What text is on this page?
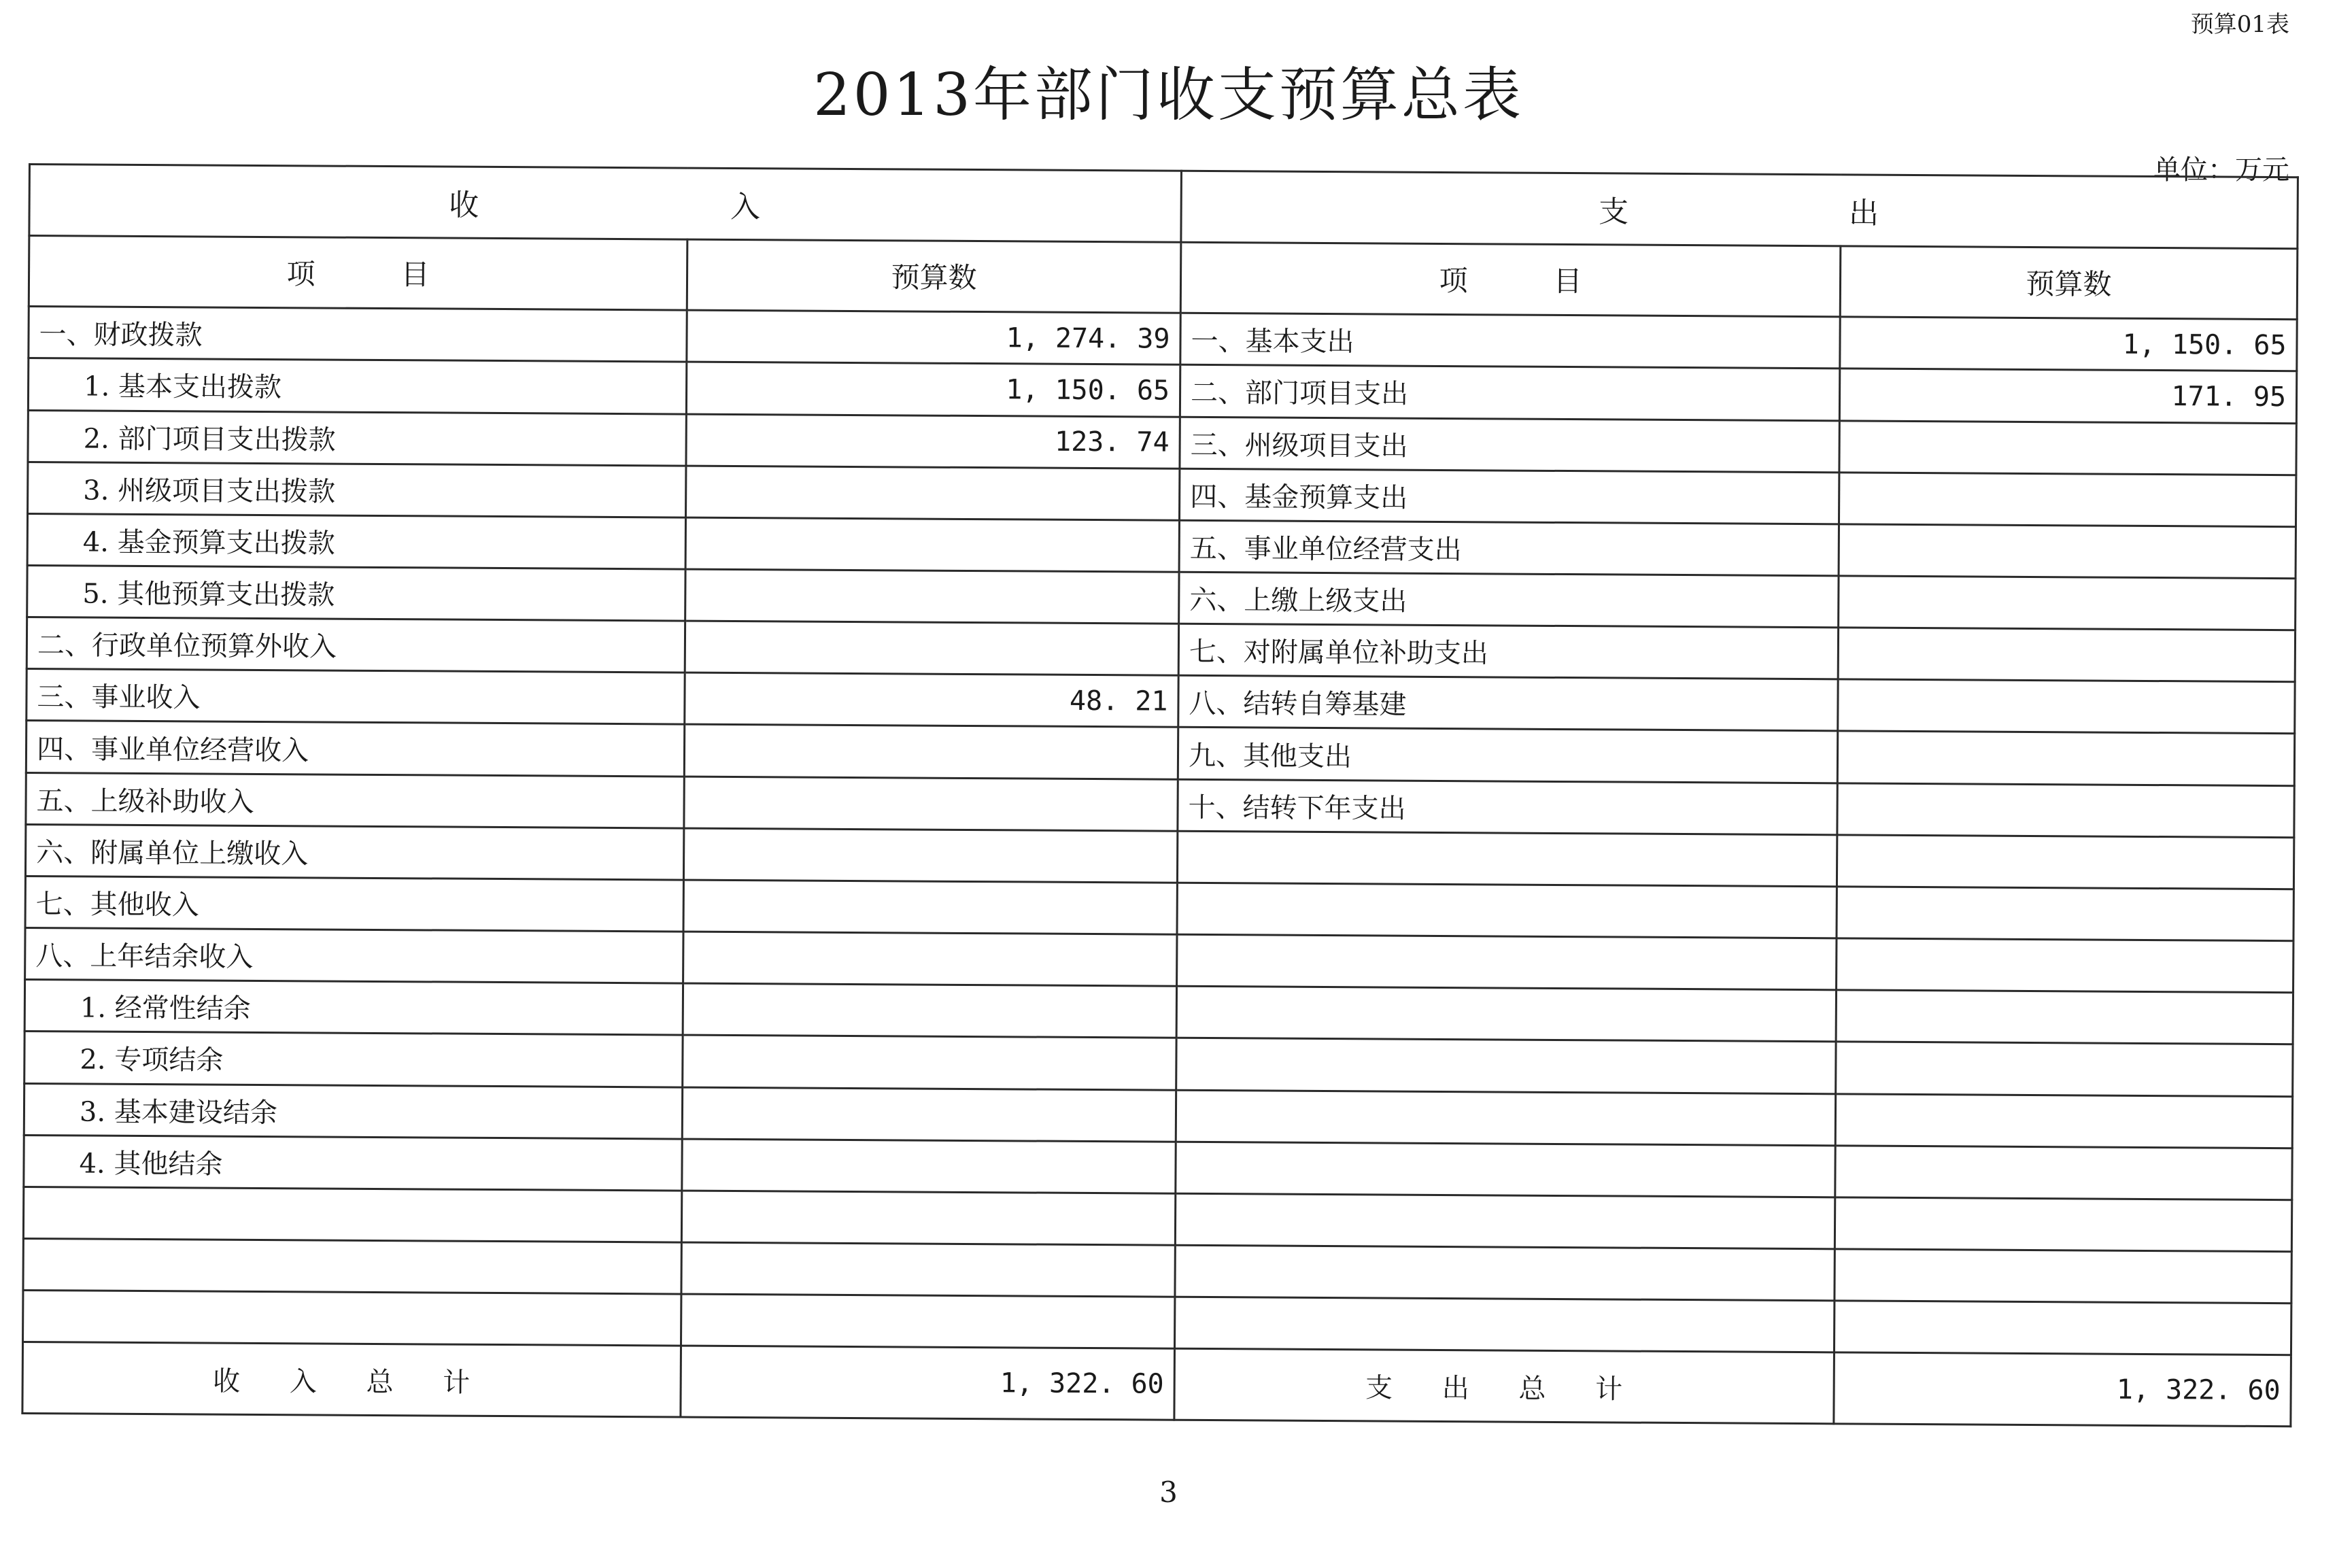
预算01表
2013年部门收支预算总表
单位：万元
收　　　　　　　　入		支　　　　　　　出	
项　　　目	预算数	项　　　目	预算数
一、财政拨款	1, 274. 39	一、基本支出	1, 150. 65
1. 基本支出拨款	1, 150. 65	二、部门项目支出	171. 95
2. 部门项目支出拨款	123. 74	三、州级项目支出	
3. 州级项目支出拨款		四、基金预算支出	
4. 基金预算支出拨款		五、事业单位经营支出	
5. 其他预算支出拨款		六、上缴上级支出	
二、行政单位预算外收入		七、对附属单位补助支出	
三、事业收入	48. 21	八、结转自筹基建	
四、事业单位经营收入		九、其他支出	
五、上级补助收入		十、结转下年支出	
六、附属单位上缴收入			
七、其他收入			
八、上年结余收入			
1. 经常性结余			
2. 专项结余			
3. 基本建设结余			
4. 其他结余			

收 入 总 计	1, 322. 60	支 出 总 计	1, 322. 60
3
